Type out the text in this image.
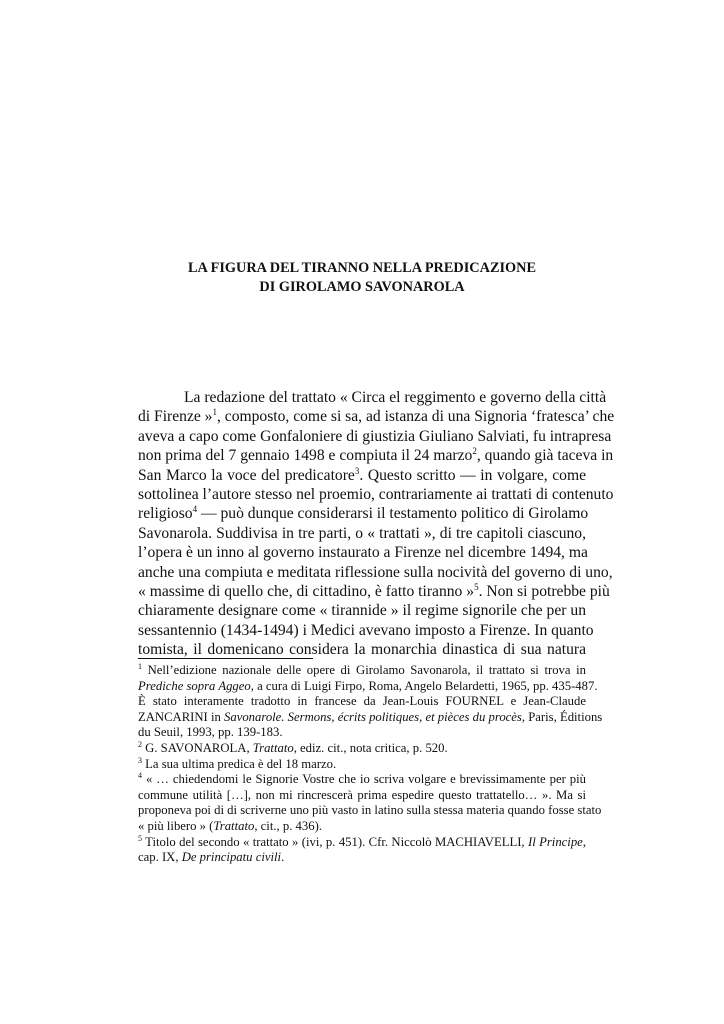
LA FIGURA DEL TIRANNO NELLA PREDICAZIONE
DI GIROLAMO SAVONAROLA
La redazione del trattato « Circa el reggimento e governo della città
di Firenze »$^1$, composto, come si sa, ad istanza di una Signoria ‘fratesca’ che
aveva a capo come Gonfaloniere di giustizia Giuliano Salviati, fu intrapresa
non prima del 7 gennaio 1498 e compiuta il 24 marzo$^2$, quando già taceva in
San Marco la voce del predicatore$^3$. Questo scritto — in volgare, come
sottolinea l’autore stesso nel proemio, contrariamente ai trattati di contenuto
religioso$^4$ — può dunque considerarsi il testamento politico di Girolamo
Savonarola. Suddivisa in tre parti, o « trattati », di tre capitoli ciascuno,
l’opera è un inno al governo instaurato a Firenze nel dicembre 1494, ma
anche una compiuta e meditata riflessione sulla nocività del governo di uno,
« massime di quello che, di cittadino, è fatto tiranno »$^5$. Non si potrebbe più
chiaramente designare come « tirannide » il regime signorile che per un
sessantennio (1434-1494) i Medici avevano imposto a Firenze. In quanto
tomista, il domenicano considera la monarchia dinastica di sua natura
$^1$ Nell’edizione nazionale delle opere di Girolamo Savonarola, il trattato si trova in
Prediche sopra Aggeo, a cura di Luigi Firpo, Roma, Angelo Belardetti, 1965, pp. 435-487.
È stato interamente tradotto in francese da Jean-Louis FOURNEL e Jean-Claude
ZANCARINI in Savonarole. Sermons, écrits politiques, et pièces du procès, Paris, Éditions
du Seuil, 1993, pp. 139-183.
$^2$ G. SAVONAROLA, Trattato, ediz. cit., nota critica, p. 520.
$^3$ La sua ultima predica è del 18 marzo.
$^4$ « … chiedendomi le Signorie Vostre che io scriva volgare e brevissimamente per più
commune utilità […], non mi rincrescerà prima espedire questo trattatello… ». Ma si
proponeva poi di di scriverne uno più vasto in latino sulla stessa materia quando fosse stato
« più libero » (Trattato, cit., p. 436).
$^5$ Titolo del secondo « trattato » (ivi, p. 451). Cfr. Niccolò MACHIAVELLI, Il Principe,
cap. IX, De principatu civili.
